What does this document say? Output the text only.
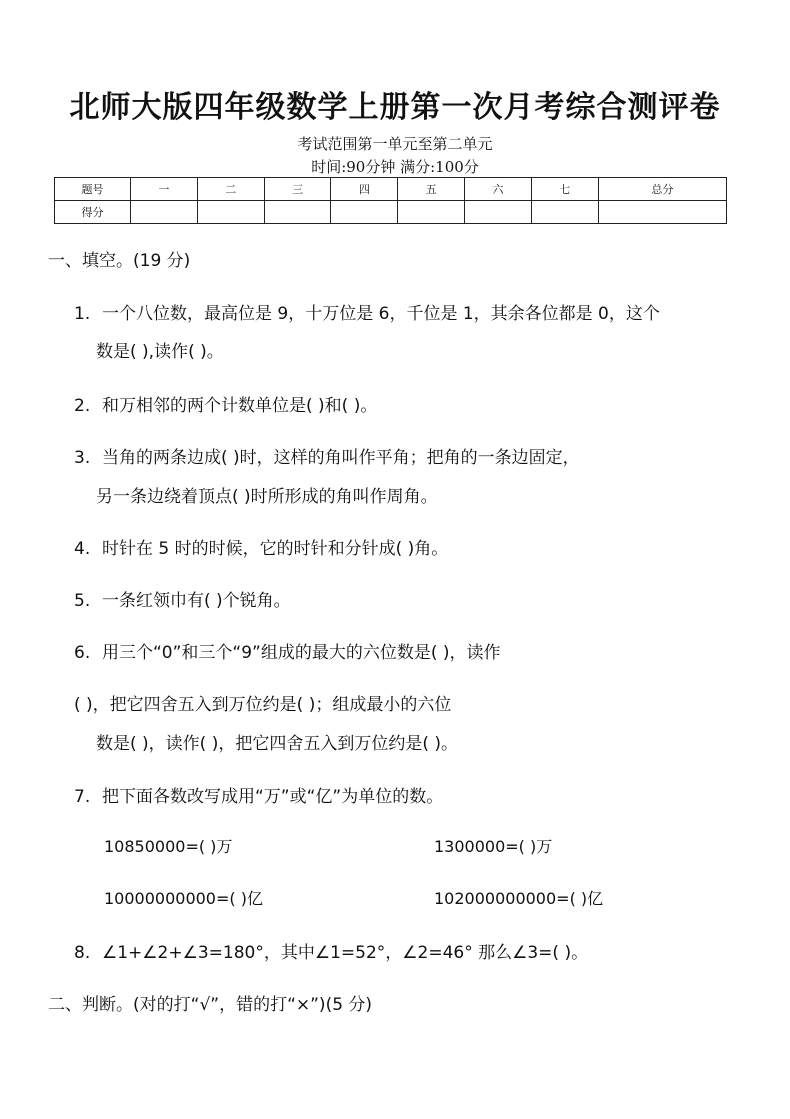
北师大版四年级数学上册第一次月考综合测评卷
考试范围第一单元至第二单元
时间:90分钟 满分:100分
题号	一	二	三	四	五	六	七	总分
得分								
一、填空。(19 分)
1. 一个八位数，最高位是 9，十万位是 6，千位是 1，其余各位都是 0，这个
数是( ),读作( )。
2. 和万相邻的两个计数单位是( )和( )。
3. 当角的两条边成( )时，这样的角叫作平角；把角的一条边固定，
另一条边绕着顶点( )时所形成的角叫作周角。
4. 时针在 5 时的时候，它的时针和分针成( )角。
5. 一条红领巾有( )个锐角。
6. 用三个“0”和三个“9”组成的最大的六位数是( )，读作
( )，把它四舍五入到万位约是( )；组成最小的六位
数是( )，读作( )，把它四舍五入到万位约是( )。
7. 把下面各数改写成用“万”或“亿”为单位的数。
10850000=( )万	1300000=( )万
10000000000=( )亿	102000000000=( )亿
8. ∠1+∠2+∠3=180°，其中∠1=52°，∠2=46° 那么∠3=( )。
二、判断。(对的打“√”，错的打“×”)(5 分)
